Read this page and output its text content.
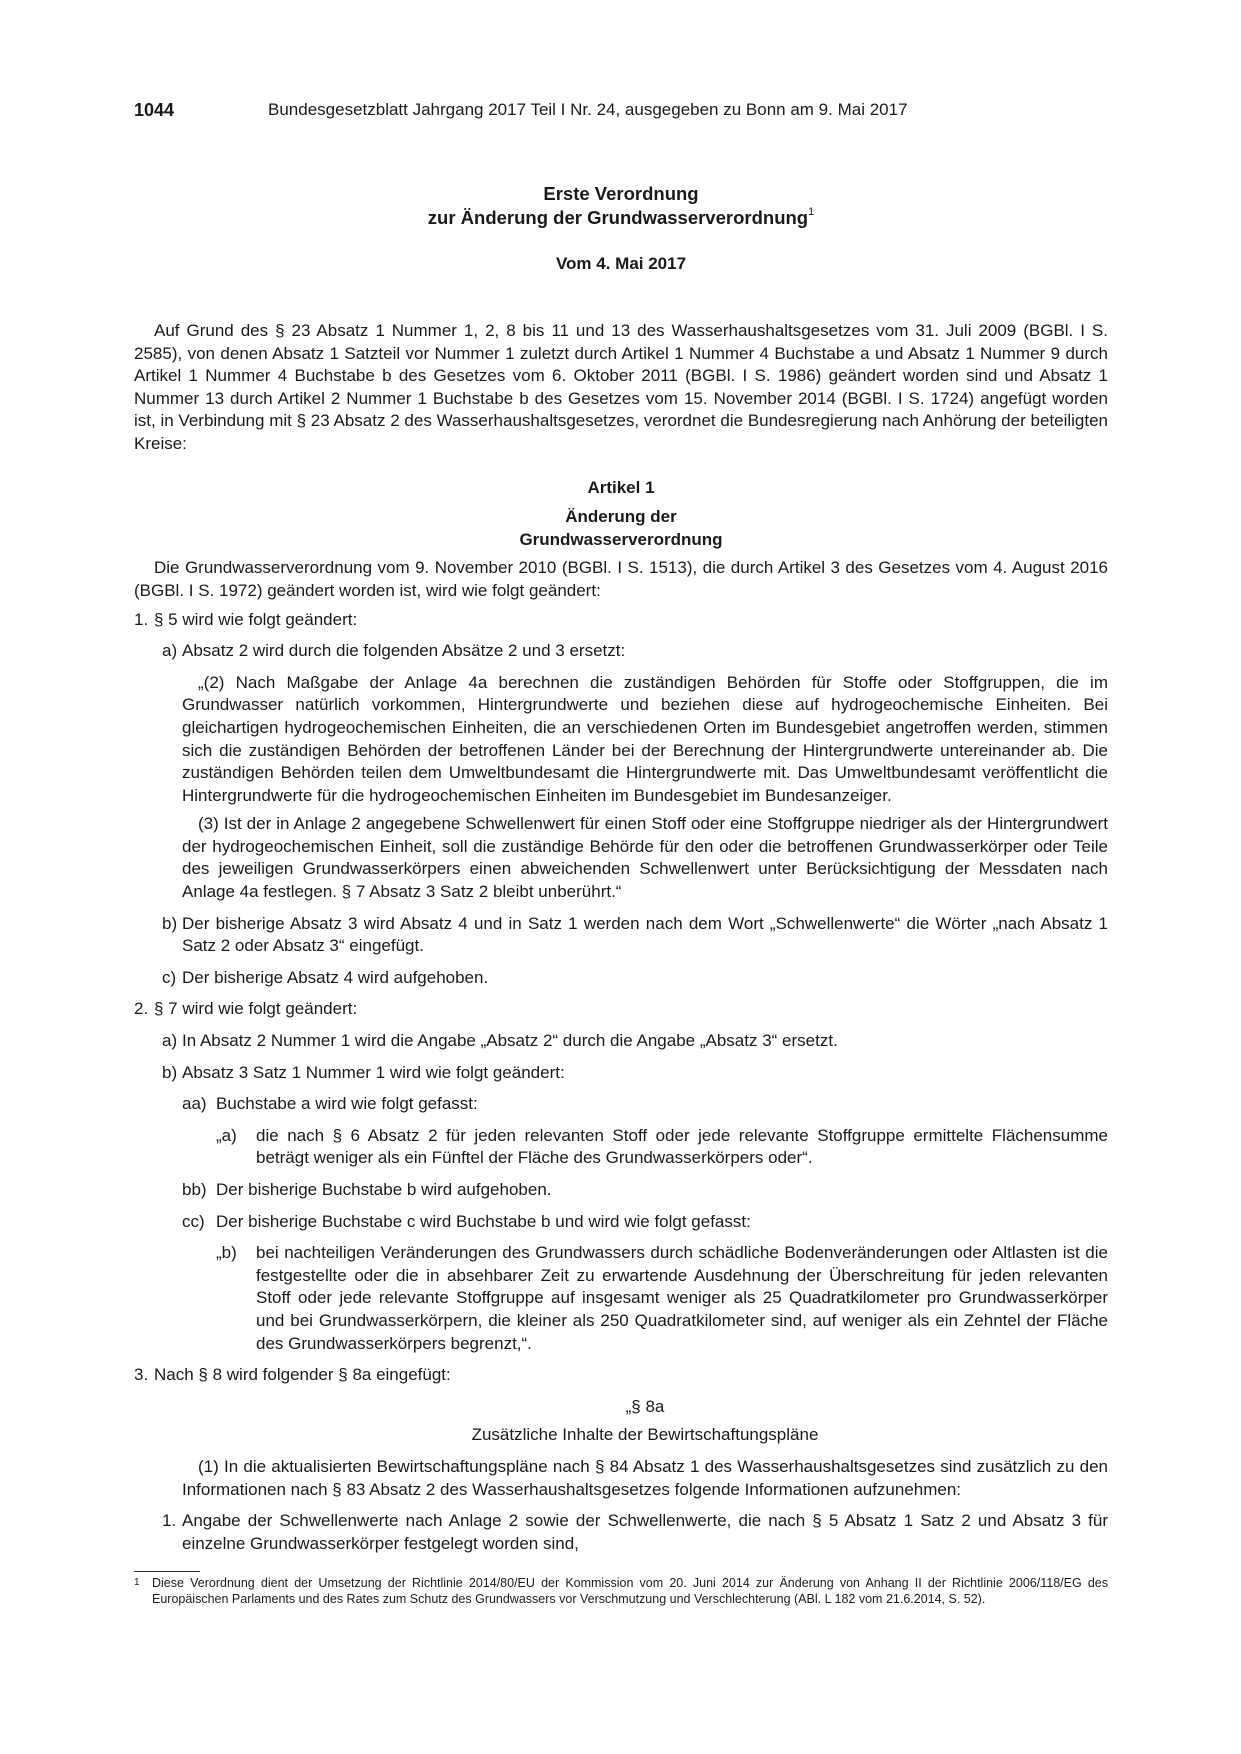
1044	Bundesgesetzblatt Jahrgang 2017 Teil I Nr. 24, ausgegeben zu Bonn am 9. Mai 2017
Erste Verordnung
zur Änderung der Grundwasserverordnung$^1$
Vom 4. Mai 2017

Auf Grund des § 23 Absatz 1 Nummer 1, 2, 8 bis 11 und 13 des Wasserhaushaltsgesetzes vom 31. Juli 2009 (BGBl. I S. 2585), von denen Absatz 1 Satzteil vor Nummer 1 zuletzt durch Artikel 1 Nummer 4 Buchstabe a und Absatz 1 Nummer 9 durch Artikel 1 Nummer 4 Buchstabe b des Gesetzes vom 6. Oktober 2011 (BGBl. I S. 1986) geändert worden sind und Absatz 1 Nummer 13 durch Artikel 2 Nummer 1 Buchstabe b des Gesetzes vom 15. November 2014 (BGBl. I S. 1724) angefügt worden ist, in Verbindung mit § 23 Absatz 2 des Wasserhaushaltsgesetzes, verordnet die Bundesregierung nach Anhörung der beteiligten Kreise:

Artikel 1

Änderung der

Grundwasserverordnung

Die Grundwasserverordnung vom 9. November 2010 (BGBl. I S. 1513), die durch Artikel 3 des Gesetzes vom 4. August 2016 (BGBl. I S. 1972) geändert worden ist, wird wie folgt geändert:

1. § 5 wird wie folgt geändert:
a) Absatz 2 wird durch die folgenden Absätze 2 und 3 ersetzt:

„(2) Nach Maßgabe der Anlage 4a berechnen die zuständigen Behörden für Stoffe oder Stoffgruppen, die im Grundwasser natürlich vorkommen, Hintergrundwerte und beziehen diese auf hydrogeochemische Einheiten. Bei gleichartigen hydrogeochemischen Einheiten, die an verschiedenen Orten im Bundesgebiet angetroffen werden, stimmen sich die zuständigen Behörden der betroffenen Länder bei der Berechnung der Hintergrundwerte untereinander ab. Die zuständigen Behörden teilen dem Umweltbundesamt die Hintergrundwerte mit. Das Umweltbundesamt veröffentlicht die Hintergrundwerte für die hydrogeochemischen Einheiten im Bundesgebiet im Bundesanzeiger.

(3) Ist der in Anlage 2 angegebene Schwellenwert für einen Stoff oder eine Stoffgruppe niedriger als der Hintergrundwert der hydrogeochemischen Einheit, soll die zuständige Behörde für den oder die betroffenen Grundwasserkörper oder Teile des jeweiligen Grundwasserkörpers einen abweichenden Schwellenwert unter Berücksichtigung der Messdaten nach Anlage 4a festlegen. § 7 Absatz 3 Satz 2 bleibt unberührt.“

b) Der bisherige Absatz 3 wird Absatz 4 und in Satz 1 werden nach dem Wort „Schwellenwerte“ die Wörter „nach Absatz 1 Satz 2 oder Absatz 3“ eingefügt.
c) Der bisherige Absatz 4 wird aufgehoben.
2. § 7 wird wie folgt geändert:
a) In Absatz 2 Nummer 1 wird die Angabe „Absatz 2“ durch die Angabe „Absatz 3“ ersetzt.
b) Absatz 3 Satz 1 Nummer 1 wird wie folgt geändert:
aa) Buchstabe a wird wie folgt gefasst:
„a) die nach § 6 Absatz 2 für jeden relevanten Stoff oder jede relevante Stoffgruppe ermittelte Flächensumme beträgt weniger als ein Fünftel der Fläche des Grundwasserkörpers oder“.
bb) Der bisherige Buchstabe b wird aufgehoben.
cc) Der bisherige Buchstabe c wird Buchstabe b und wird wie folgt gefasst:
„b) bei nachteiligen Veränderungen des Grundwassers durch schädliche Bodenveränderungen oder Altlasten ist die festgestellte oder die in absehbarer Zeit zu erwartende Ausdehnung der Überschreitung für jeden relevanten Stoff oder jede relevante Stoffgruppe auf insgesamt weniger als 25 Quadratkilometer pro Grundwasserkörper und bei Grundwasserkörpern, die kleiner als 250 Quadratkilometer sind, auf weniger als ein Zehntel der Fläche des Grundwasserkörpers begrenzt,“.
3. Nach § 8 wird folgender § 8a eingefügt:

„§ 8a

Zusätzliche Inhalte der Bewirtschaftungspläne

(1) In die aktualisierten Bewirtschaftungspläne nach § 84 Absatz 1 des Wasserhaushaltsgesetzes sind zusätzlich zu den Informationen nach § 83 Absatz 2 des Wasserhaushaltsgesetzes folgende Informationen aufzunehmen:

1. Angabe der Schwellenwerte nach Anlage 2 sowie der Schwellenwerte, die nach § 5 Absatz 1 Satz 2 und Absatz 3 für einzelne Grundwasserkörper festgelegt worden sind,
1 Diese Verordnung dient der Umsetzung der Richtlinie 2014/80/EU der Kommission vom 20. Juni 2014 zur Änderung von Anhang II der Richtlinie 2006/118/EG des Europäischen Parlaments und des Rates zum Schutz des Grundwassers vor Verschmutzung und Verschlechterung (ABl. L 182 vom 21.6.2014, S. 52).
